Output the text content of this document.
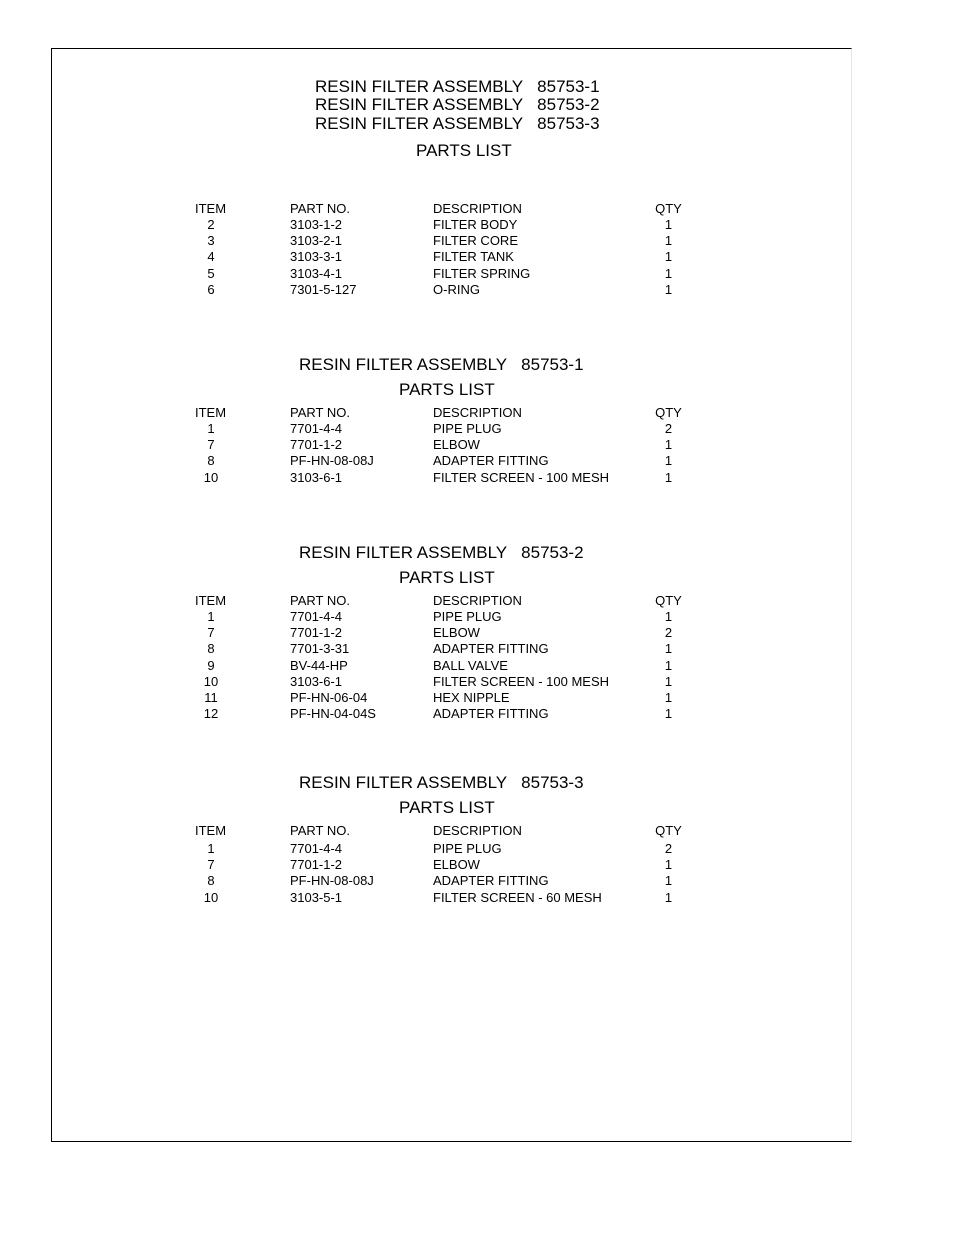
RESIN FILTER ASSEMBLY 85753-1
RESIN FILTER ASSEMBLY 85753-2
RESIN FILTER ASSEMBLY 85753-3
PARTS LIST
ITEM	PART NO.	DESCRIPTION	QTY
2	3103-1-2	FILTER BODY	1
3	3103-2-1	FILTER CORE	1
4	3103-3-1	FILTER TANK	1
5	3103-4-1	FILTER SPRING	1
6	7301-5-127	O-RING	1
RESIN FILTER ASSEMBLY 85753-1
PARTS LIST
ITEM	PART NO.	DESCRIPTION	QTY
1	7701-4-4	PIPE PLUG	2
7	7701-1-2	ELBOW	1
8	PF-HN-08-08J	ADAPTER FITTING	1
10	3103-6-1	FILTER SCREEN - 100 MESH	1
RESIN FILTER ASSEMBLY 85753-2
PARTS LIST
ITEM	PART NO.	DESCRIPTION	QTY
1	7701-4-4	PIPE PLUG	1
7	7701-1-2	ELBOW	2
8	7701-3-31	ADAPTER FITTING	1
9	BV-44-HP	BALL VALVE	1
10	3103-6-1	FILTER SCREEN - 100 MESH	1
11	PF-HN-06-04	HEX NIPPLE	1
12	PF-HN-04-04S	ADAPTER FITTING	1
RESIN FILTER ASSEMBLY 85753-3
PARTS LIST
ITEM	PART NO.	DESCRIPTION	QTY
1	7701-4-4	PIPE PLUG	2
7	7701-1-2	ELBOW	1
8	PF-HN-08-08J	ADAPTER FITTING	1
10	3103-5-1	FILTER SCREEN - 60 MESH	1
